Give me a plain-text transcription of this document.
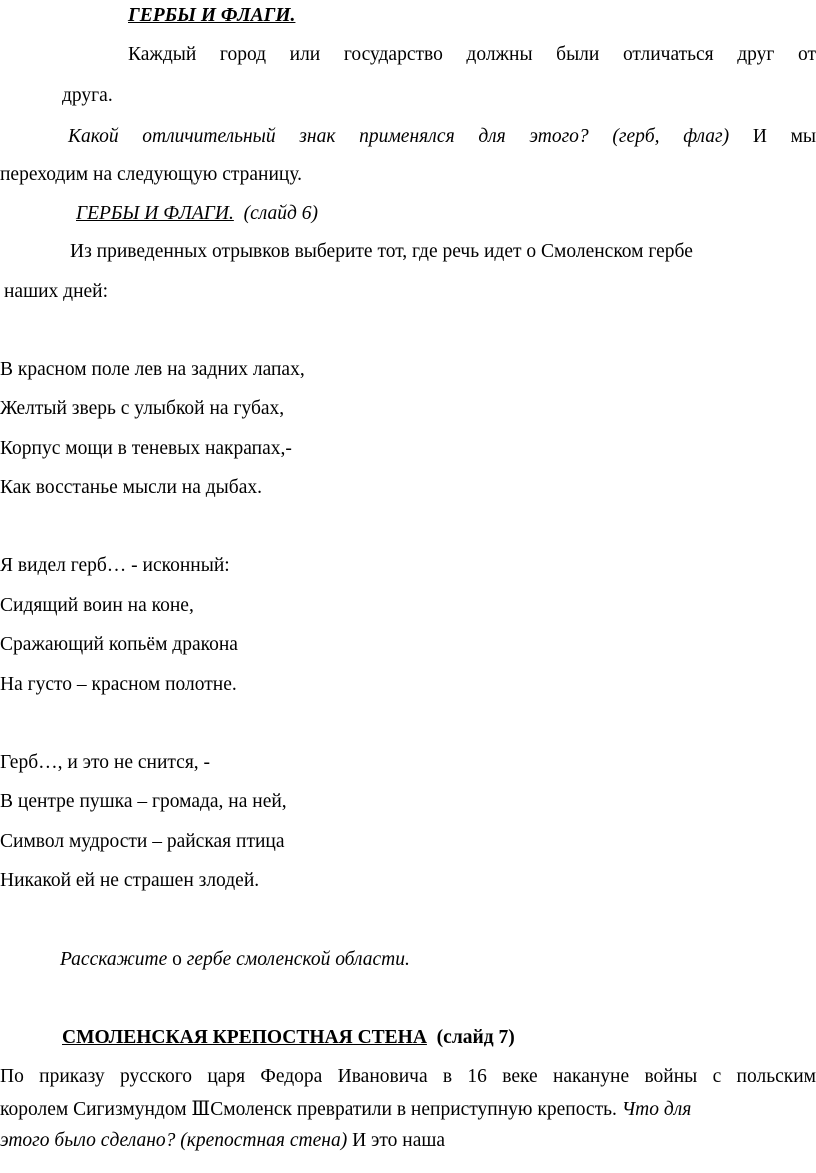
ГЕРБЫ И ФЛАГИ.
Каждый город или государство должны были отличаться друг от
друга.
Какой отличительный знак применялся для этого? (герб, флаг) И мы
переходим на следующую страницу.
ГЕРБЫ И ФЛАГИ. (слайд 6)
Из приведенных отрывков выберите тот, где речь идет о Смоленском гербе
наших дней:
В красном поле лев на задних лапах,
Желтый зверь с улыбкой на губах,
Корпус мощи в теневых накрапах,-
Как восстанье мысли на дыбах.
Я видел герб… - исконный:
Сидящий воин на коне,
Сражающий копьём дракона
На густо – красном полотне.
Герб…, и это не снится, -
В центре пушка – громада, на ней,
Символ мудрости – райская птица
Никакой ей не страшен злодей.
Расскажите о гербе смоленской области.
СМОЛЕНСКАЯ КРЕПОСТНАЯ СТЕНА (слайд 7)
По приказу русского царя Федора Ивановича в 16 веке накануне войны с польским
королем Сигизмундом ⅢСмоленск превратили в неприступную крепость. Что для
этого было сделано? (крепостная стена) И это наша
